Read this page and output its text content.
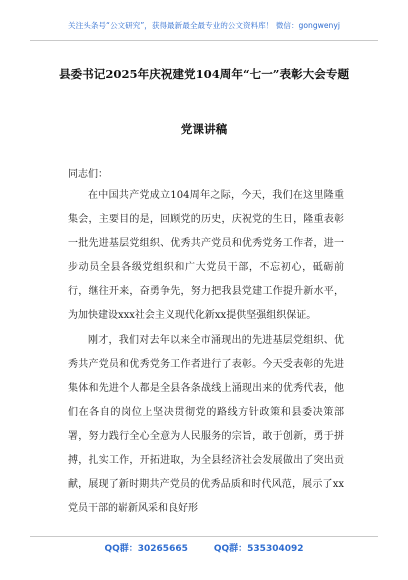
关注头条号“公文研究”，获得最新最全最专业的公文资料库！ 微信：gongwenyj
县委书记2025年庆祝建党104周年“七一”表彰大会专题
党课讲稿
同志们：

在中国共产党成立104周年之际，今天，我们在这里隆重集会，主要目的是，回顾党的历史，庆祝党的生日，隆重表彰一批先进基层党组织、优秀共产党员和优秀党务工作者，进一步动员全县各级党组织和广大党员干部，不忘初心，砥砺前行，继往开来，奋勇争先，努力把我县党建工作提升新水平，为加快建设xxx社会主义现代化新xx提供坚强组织保证。

刚才，我们对去年以来全市涌现出的先进基层党组织、优秀共产党员和优秀党务工作者进行了表彰。今天受表彰的先进集体和先进个人都是全县各条战线上涌现出来的优秀代表，他们在各自的岗位上坚决贯彻党的路线方针政策和县委决策部署，努力践行全心全意为人民服务的宗旨，敢于创新，勇于拼搏，扎实工作，开拓进取，为全县经济社会发展做出了突出贡献，展现了新时期共产党员的优秀品质和时代风范，展示了xx党员干部的崭新风采和良好形

QQ群：30265665	QQ群：535304092
